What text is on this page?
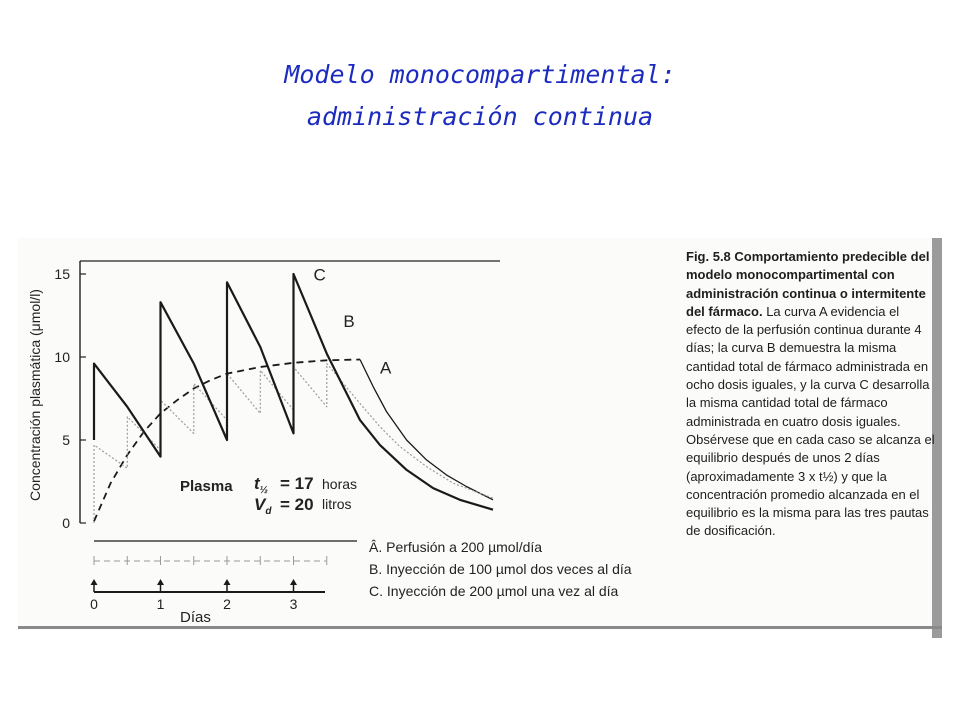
Modelo monocompartimental:
administración continua
0
5
10
15	C
B
A
Concentración plasmática (μmol/l)	Plasma $t_{\frac{1}{2}} = 17$ horas
$V_d = 20$ litros
Â. Perfusión a 200 µmol/día
B. Inyección de 100 µmol dos veces al día
C. Inyección de 200 µmol una vez al día
Días
0	1	2	3
Fig. 5.8 Comportamiento predecible del modelo monocompartimental con administración continua o intermitente del fármaco. La curva A evidencia el efecto de la perfusión continua durante 4 días; la curva B demuestra la misma cantidad total de fármaco administrada en ocho dosis iguales, y la curva C desarrolla la misma cantidad total de fármaco administrada en cuatro dosis iguales. Obsérvese que en cada caso se alcanza el equilibrio después de unos 2 días (aproximadamente 3 x t½) y que la concentración promedio alcanzada en el equilibrio es la misma para las tres pautas de dosificación.
